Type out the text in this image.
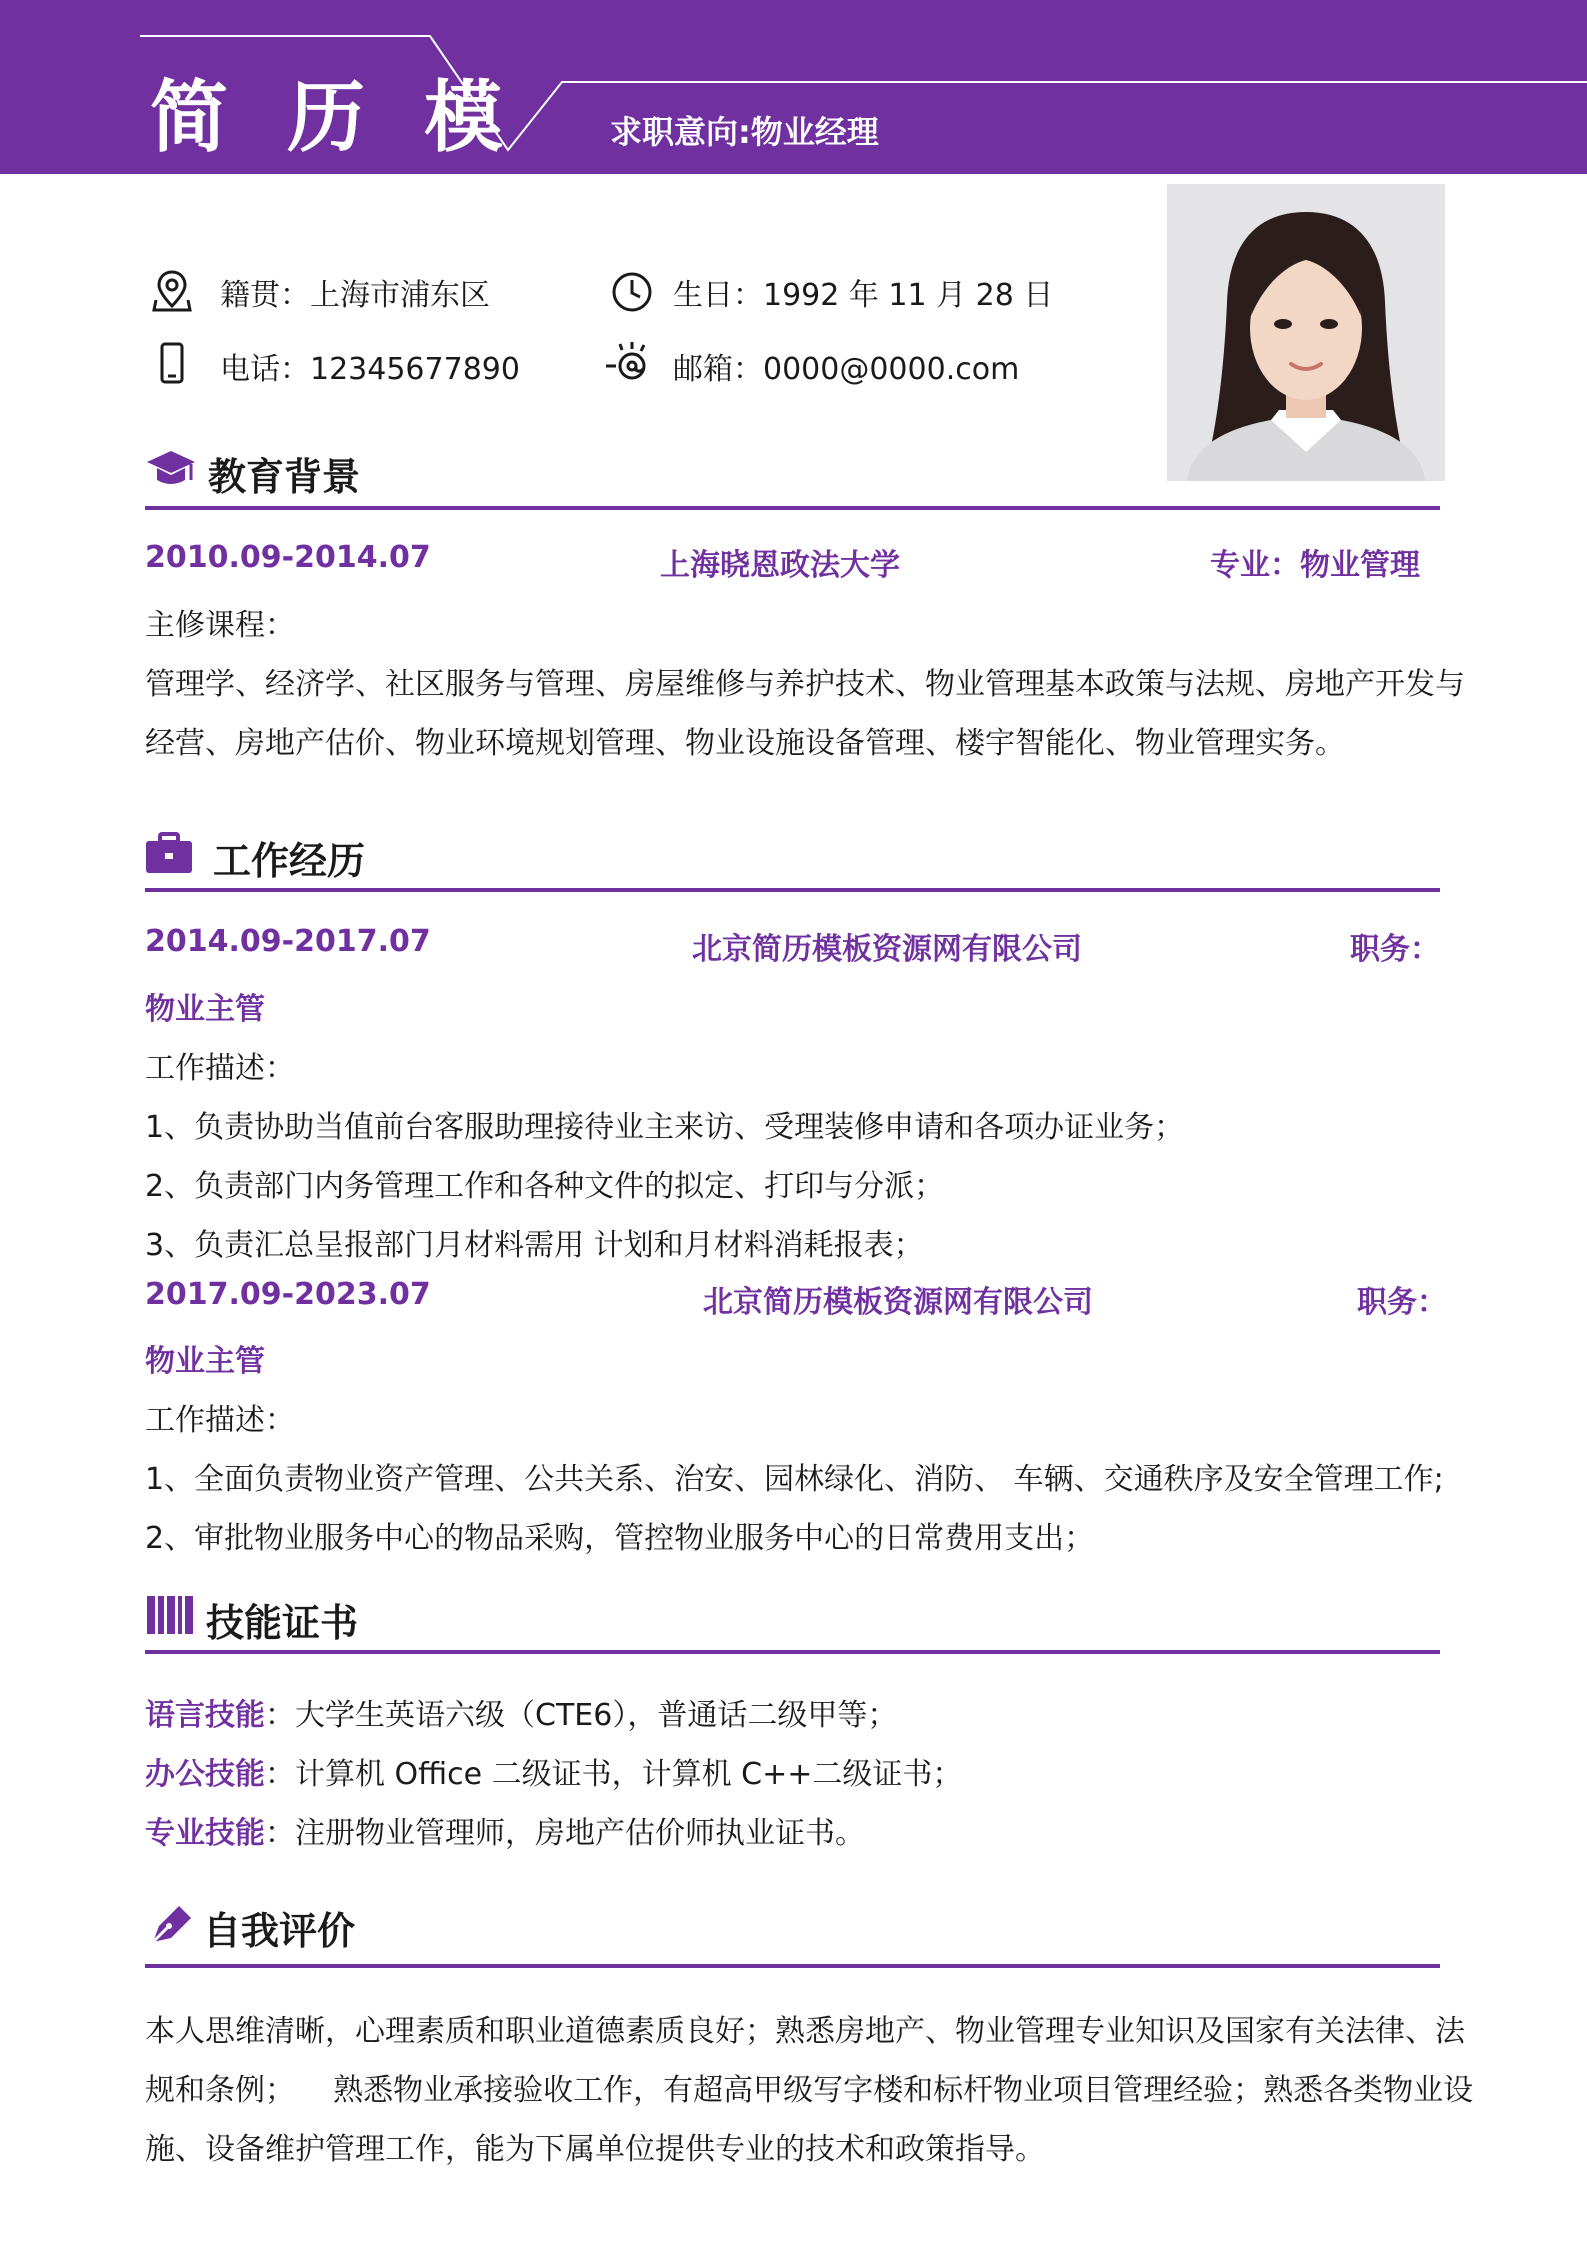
简 历 模	求职意向:物业经理
籍贯：上海市浦东区	生日：1992 年 11 月 28 日
电话：12345677890	邮箱：0000@0000.com
教育背景
2010.09-2014.07	上海晓恩政法大学	专业：物业管理
主修课程：
管理学、经济学、社区服务与管理、房屋维修与养护技术、物业管理基本政策与法规、房地产开发与
经营、房地产估价、物业环境规划管理、物业设施设备管理、楼宇智能化、物业管理实务。
工作经历
2014.09-2017.07	北京简历模板资源网有限公司	职务：
物业主管
工作描述：
1、负责协助当值前台客服助理接待业主来访、受理装修申请和各项办证业务；
2、负责部门内务管理工作和各种文件的拟定、打印与分派；
3、负责汇总呈报部门月材料需用 计划和月材料消耗报表；
2017.09-2023.07	北京简历模板资源网有限公司	职务：
物业主管
工作描述：
1、全面负责物业资产管理、公共关系、治安、园林绿化、消防、 车辆、交通秩序及安全管理工作;
2、审批物业服务中心的物品采购，管控物业服务中心的日常费用支出；
技能证书
语言技能：大学生英语六级（CTE6），普通话二级甲等；
办公技能：计算机 Office 二级证书，计算机 C++二级证书；
专业技能：注册物业管理师，房地产估价师执业证书。
自我评价
本人思维清晰，心理素质和职业道德素质良好；熟悉房地产、物业管理专业知识及国家有关法律、法
规和条例；    熟悉物业承接验收工作，有超高甲级写字楼和标杆物业项目管理经验；熟悉各类物业设
施、设备维护管理工作，能为下属单位提供专业的技术和政策指导。
